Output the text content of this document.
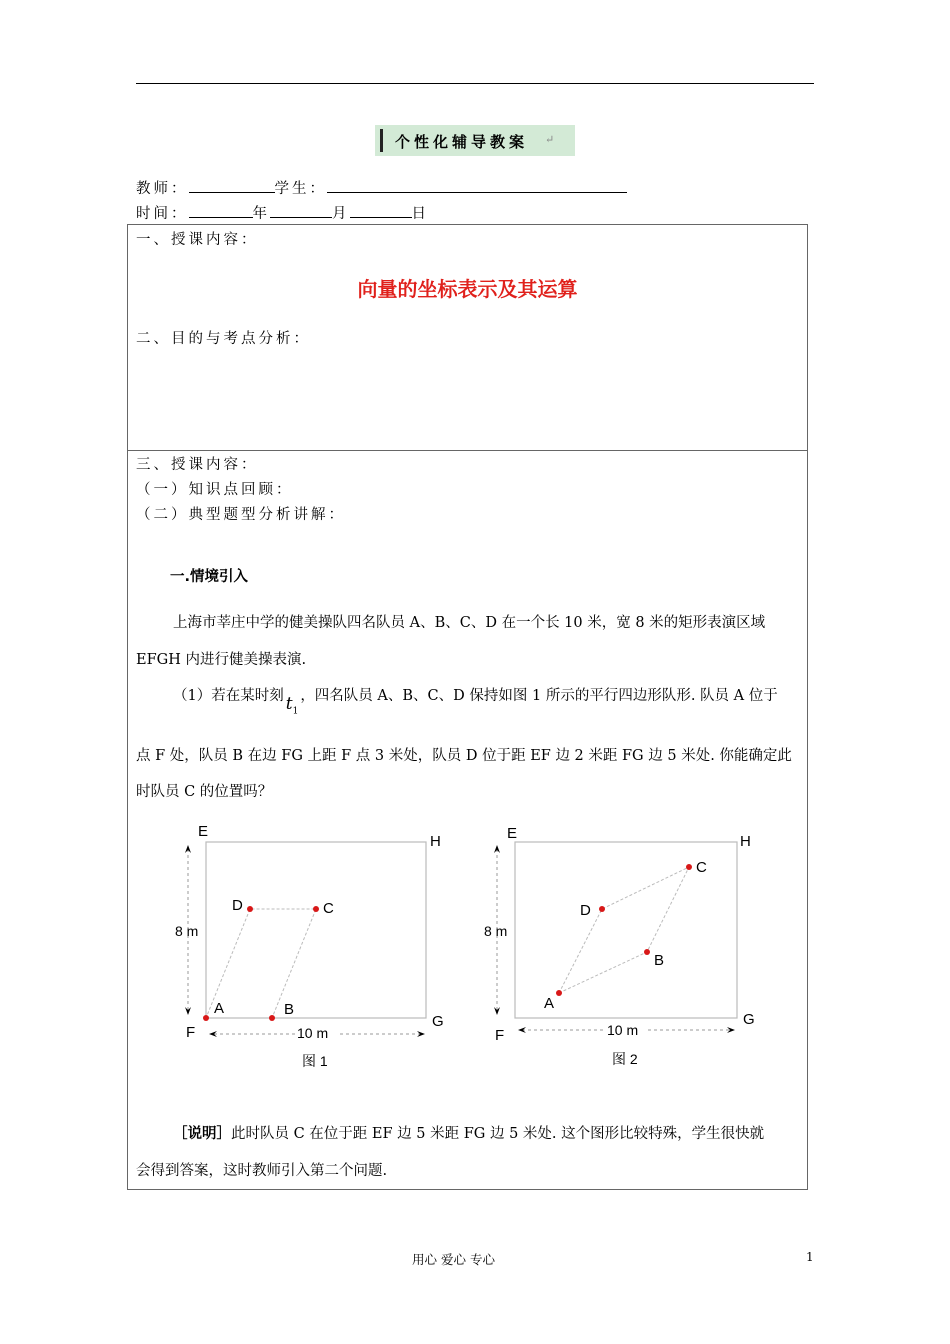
个性化辅导教案 ↵
教师：	学生：
时间：	年	月	日
一、授课内容：
向量的坐标表示及其运算
二、目的与考点分析：
三、授课内容：
（一）知识点回顾：
（二）典型题型分析讲解：
一.情境引入
上海市莘庄中学的健美操队四名队员 A、B、C、D 在一个长 10 米，宽 8 米的矩形表演区域
EFGH 内进行健美操表演.
（1）若在某时刻 $t_1$，四名队员 A、B、C、D 保持如图 1 所示的平行四边形队形. 队员 A 位于
点 F 处，队员 B 在边 FG 上距 F 点 3 米处，队员 D 位于距 EF 边 2 米距 FG 边 5 米处. 你能确定此
时队员 C 的位置吗？
E
H
F
G
A	B
C
D
8 m
10 m
图 1
E	H
F
G
A
B
C
D
8 m
10 m
图 2
［说明］此时队员 C 在位于距 EF 边 5 米距 FG 边 5 米处. 这个图形比较特殊，学生很快就
会得到答案，这时教师引入第二个问题.
用心 爱心 专心	1
